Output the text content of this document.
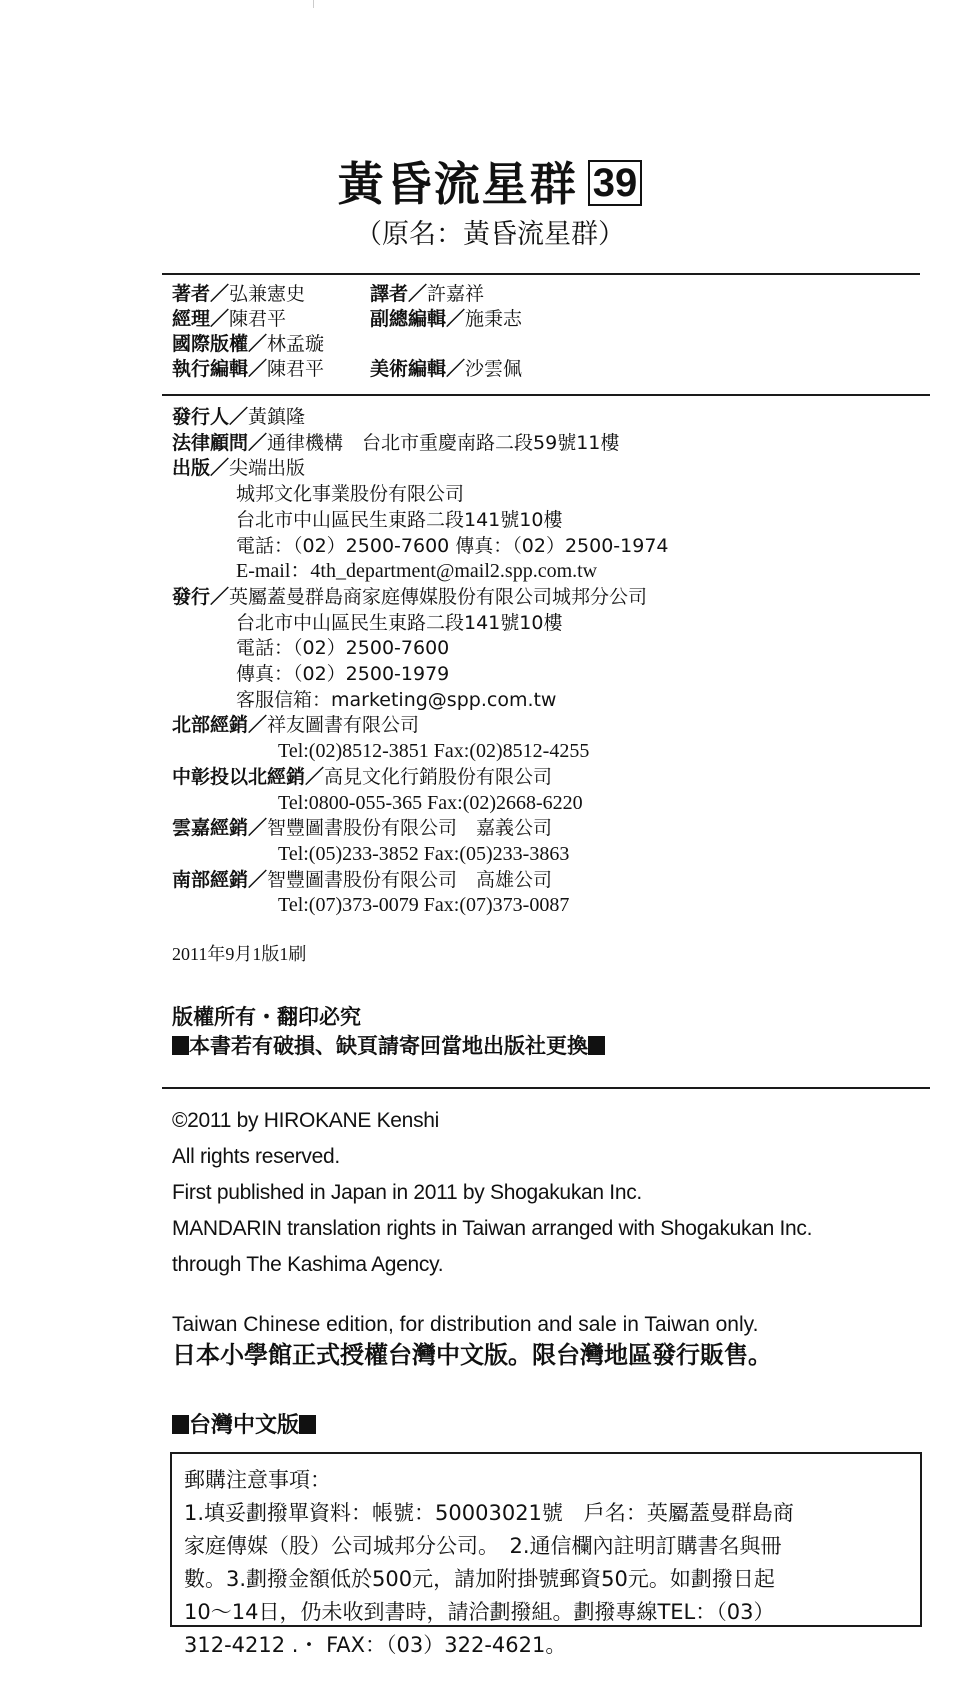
黃昏流星群 39
（原名：黃昏流星群）
著者／弘兼憲史	譯者／許嘉祥
經理／陳君平	副總編輯／施秉志
國際版權／林孟璇
執行編輯／陳君平	美術編輯／沙雲佩
發行人／黃鎮隆
法律顧問／通律機構　台北市重慶南路二段59號11樓
出版／尖端出版
城邦文化事業股份有限公司
台北市中山區民生東路二段141號10樓
電話：（02）2500-7600 傳真：（02）2500-1974
E-mail：4th_department@mail2.spp.com.tw
發行／英屬蓋曼群島商家庭傳媒股份有限公司城邦分公司
台北市中山區民生東路二段141號10樓
電話：（02）2500-7600
傳真：（02）2500-1979
客服信箱：marketing@spp.com.tw
北部經銷／祥友圖書有限公司
Tel:(02)8512-3851 Fax:(02)8512-4255
中彰投以北經銷／高見文化行銷股份有限公司
Tel:0800-055-365 Fax:(02)2668-6220
雲嘉經銷／智豐圖書股份有限公司　嘉義公司
Tel:(05)233-3852 Fax:(05)233-3863
南部經銷／智豐圖書股份有限公司　高雄公司
Tel:(07)373-0079 Fax:(07)373-0087
2011年9月1版1刷
版權所有・翻印必究
本書若有破損、缺頁請寄回當地出版社更換
©2011 by HIROKANE Kenshi
All rights reserved.
First published in Japan in 2011 by Shogakukan Inc.
MANDARIN translation rights in Taiwan arranged with Shogakukan Inc.
through The Kashima Agency.
Taiwan Chinese edition, for distribution and sale in Taiwan only.
日本小學館正式授權台灣中文版。限台灣地區發行販售。
台灣中文版
郵購注意事項：
1.填妥劃撥單資料：帳號：50003021號　戶名：英屬蓋曼群島商
家庭傳媒（股）公司城邦分公司。　2.通信欄內註明訂購書名與冊
數。3.劃撥金額低於500元，請加附掛號郵資50元。如劃撥日起
10～14日，仍未收到書時，請洽劃撥組。劃撥專線TEL：（03）
312-4212 .・ FAX：（03）322-4621。
